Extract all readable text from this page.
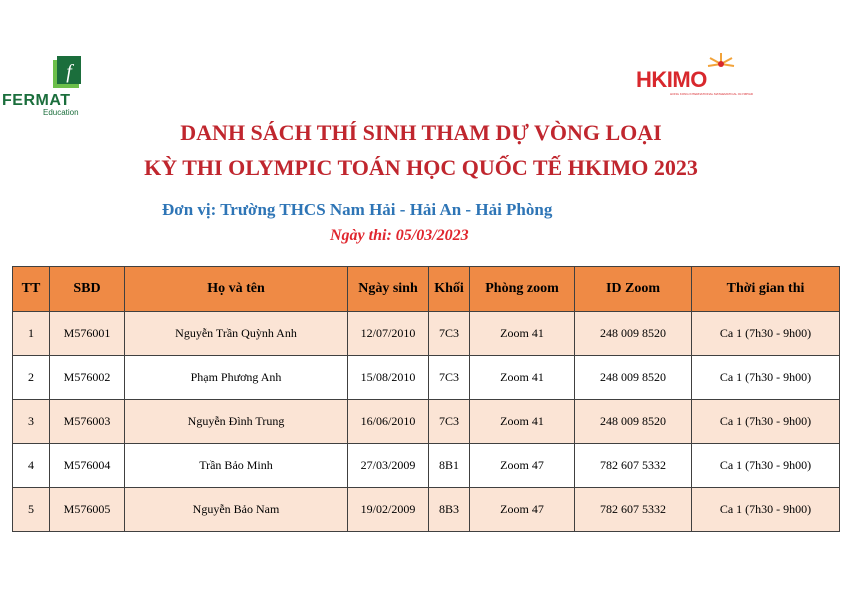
f
FERMAT
Education
HKIMO
HONG KONG INTERNATIONAL MATHEMATICAL OLYMPIAD
DANH SÁCH THÍ SINH THAM DỰ VÒNG LOẠI
KỲ THI OLYMPIC TOÁN HỌC QUỐC TẾ HKIMO 2023
Đơn vị: Trường THCS Nam Hải - Hải An - Hải Phòng
Ngày thi: 05/03/2023
TT	SBD	Họ và tên	Ngày sinh	Khối	Phòng zoom	ID Zoom	Thời gian thi
1	M576001	Nguyễn Trần Quỳnh Anh	12/07/2010	7C3	Zoom 41	248 009 8520	Ca 1 (7h30 - 9h00)
2	M576002	Phạm Phương Anh	15/08/2010	7C3	Zoom 41	248 009 8520	Ca 1 (7h30 - 9h00)
3	M576003	Nguyễn Đình Trung	16/06/2010	7C3	Zoom 41	248 009 8520	Ca 1 (7h30 - 9h00)
4	M576004	Trần Bảo Minh	27/03/2009	8B1	Zoom 47	782 607 5332	Ca 1 (7h30 - 9h00)
5	M576005	Nguyễn Bảo Nam	19/02/2009	8B3	Zoom 47	782 607 5332	Ca 1 (7h30 - 9h00)
